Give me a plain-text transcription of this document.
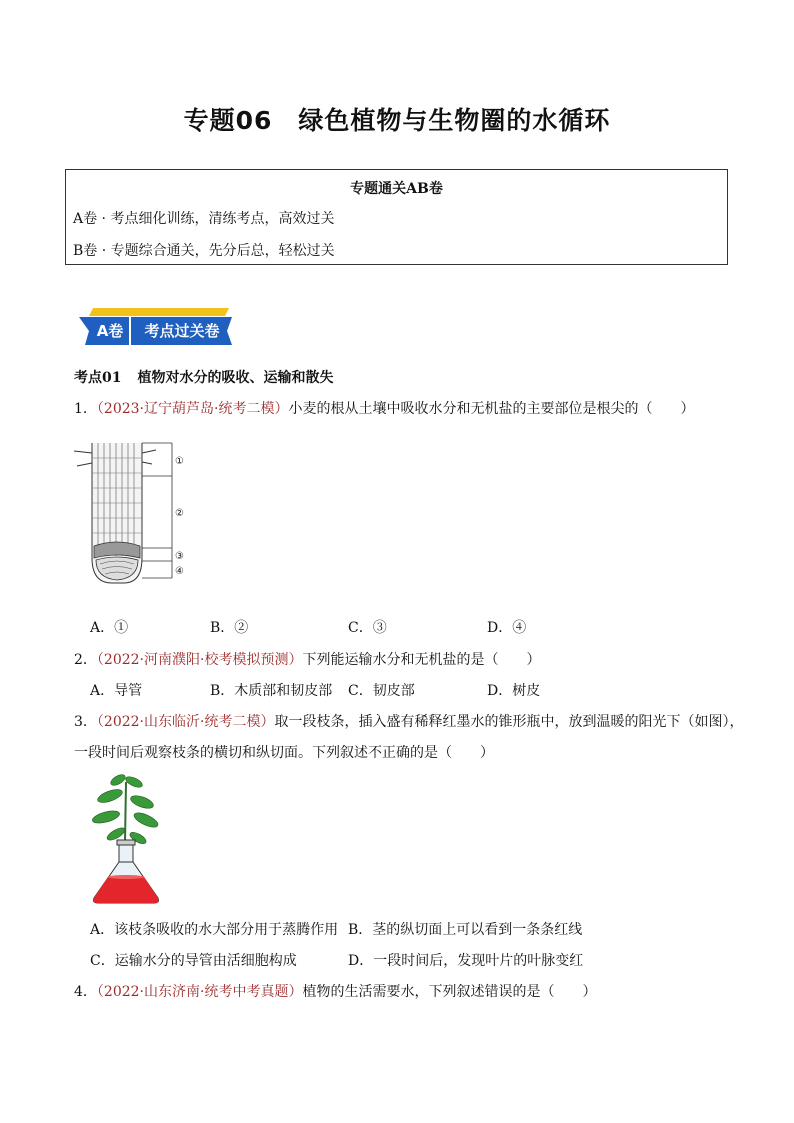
专题06　绿色植物与生物圈的水循环
专题通关AB卷
A卷 · 考点细化训练，清练考点，高效过关
B卷 · 专题综合通关，先分后总，轻松过关
A卷	考点过关卷
考点01 植物对水分的吸收、运输和散失
1．（2023·辽宁葫芦岛·统考二模）小麦的根从土壤中吸收水分和无机盐的主要部位是根尖的（　　）
①
②
③
④
A．①	B．②	C．③	D．④
2．（2022·河南濮阳·校考模拟预测）下列能运输水分和无机盐的是（　　）
A．导管	B．木质部和韧皮部 C．韧皮部	D．树皮
3．（2022·山东临沂·统考二模）取一段枝条，插入盛有稀释红墨水的锥形瓶中，放到温暖的阳光下（如图），
一段时间后观察枝条的横切和纵切面。下列叙述不正确的是（　　）
A．该枝条吸收的水大部分用于蒸腾作用 B．茎的纵切面上可以看到一条条红线
C．运输水分的导管由活细胞构成	D．一段时间后，发现叶片的叶脉变红
4．（2022·山东济南·统考中考真题）植物的生活需要水，下列叙述错误的是（　　）
